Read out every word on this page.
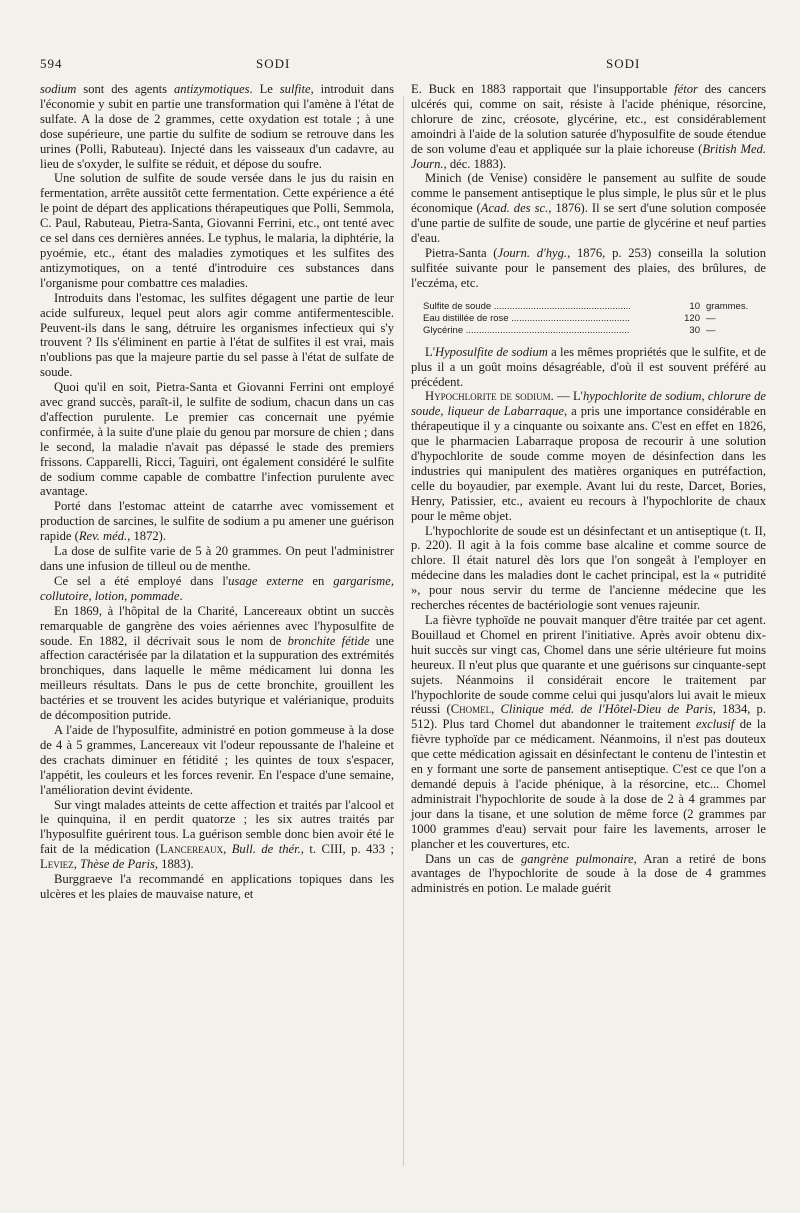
594	SODI	SODI

sodium sont des agents antizymotiques. Le sulfite, introduit dans l'économie y subit en partie une transformation qui l'amène à l'état de sulfate. A la dose de 2 grammes, cette oxydation est totale ; à une dose supérieure, une partie du sulfite de sodium se retrouve dans les urines (Polli, Rabuteau). Injecté dans les vaisseaux d'un cadavre, au lieu de s'oxyder, le sulfite se réduit, et dépose du soufre.

Une solution de sulfite de soude versée dans le jus du raisin en fermentation, arrête aussitôt cette fermentation. Cette expérience a été le point de départ des applications thérapeutiques que Polli, Semmola, C. Paul, Rabuteau, Pietra-Santa, Giovanni Ferrini, etc., ont tenté avec ce sel dans ces dernières années. Le typhus, le malaria, la diphtérie, la pyoémie, etc., étant des maladies zymotiques et les sulfites des antizymotiques, on a tenté d'introduire ces substances dans l'organisme pour combattre ces maladies.

Introduits dans l'estomac, les sulfites dégagent une partie de leur acide sulfureux, lequel peut alors agir comme antifermentescible. Peuvent-ils dans le sang, détruire les organismes infectieux qui s'y trouvent ? Ils s'éliminent en partie à l'état de sulfites il est vrai, mais n'oublions pas que la majeure partie du sel passe à l'état de sulfate de soude.

Quoi qu'il en soit, Pietra-Santa et Giovanni Ferrini ont employé avec grand succès, paraît-il, le sulfite de sodium, chacun dans un cas d'affection purulente. Le premier cas concernait une pyémie confirmée, à la suite d'une plaie du genou par morsure de chien ; dans le second, la maladie n'avait pas dépassé le stade des premiers frissons. Capparelli, Ricci, Taguiri, ont également considéré le sulfite de sodium comme capable de combattre l'infection purulente avec avantage.

Porté dans l'estomac atteint de catarrhe avec vomissement et production de sarcines, le sulfite de sodium a pu amener une guérison rapide (Rev. méd., 1872).

La dose de sulfite varie de 5 à 20 grammes. On peut l'administrer dans une infusion de tilleul ou de menthe.

Ce sel a été employé dans l'usage externe en gargarisme, collutoire, lotion, pommade.

En 1869, à l'hôpital de la Charité, Lancereaux obtint un succès remarquable de gangrène des voies aériennes avec l'hyposulfite de soude. En 1882, il décrivait sous le nom de bronchite fétide une affection caractérisée par la dilatation et la suppuration des extrémités bronchiques, dans laquelle le même médicament lui donna les meilleurs résultats. Dans le pus de cette bronchite, grouillent les bactéries et se trouvent les acides butyrique et valérianique, produits de décomposition putride.

A l'aide de l'hyposulfite, administré en potion gommeuse à la dose de 4 à 5 grammes, Lancereaux vit l'odeur repoussante de l'haleine et des crachats diminuer en fétidité ; les quintes de toux s'espacer, l'appétit, les couleurs et les forces revenir. En l'espace d'une semaine, l'amélioration devint évidente.

Sur vingt malades atteints de cette affection et traités par l'alcool et le quinquina, il en perdit quatorze ; les six autres traités par l'hyposulfite guérirent tous. La guérison semble donc bien avoir été le fait de la médication (Lancereaux, Bull. de thér., t. CIII, p. 433 ; Leviez, Thèse de Paris, 1883).

Burggraeve l'a recommandé en applications topiques dans les ulcères et les plaies de mauvaise nature, et

E. Buck en 1883 rapportait que l'insupportable fétor des cancers ulcérés qui, comme on sait, résiste à l'acide phénique, résorcine, chlorure de zinc, créosote, glycérine, etc., est considérablement amoindri à l'aide de la solution saturée d'hyposulfite de soude étendue de son volume d'eau et appliquée sur la plaie ichoreuse (British Med. Journ., déc. 1883).

Minich (de Venise) considère le pansement au sulfite de soude comme le pansement antiseptique le plus simple, le plus sûr et le plus économique (Acad. des sc., 1876). Il se sert d'une solution composée d'une partie de sulfite de soude, une partie de glycérine et neuf parties d'eau.

Pietra-Santa (Journ. d'hyg., 1876, p. 253) conseilla la solution sulfitée suivante pour le pansement des plaies, des brûlures, de l'eczéma, etc.

Sulfite de soude .....	10 grammes.
Eau distillée de rose .....	120 —
Glycérine .....	30 —

L'Hyposulfite de sodium a les mêmes propriétés que le sulfite, et de plus il a un goût moins désagréable, d'où il est souvent préféré au précédent.

Hypochlorite de sodium. — L'hypochlorite de sodium, chlorure de soude, liqueur de Labarraque, a pris une importance considérable en thérapeutique il y a cinquante ou soixante ans. C'est en effet en 1826, que le pharmacien Labarraque proposa de recourir à une solution d'hypochlorite de soude comme moyen de désinfection dans les industries qui manipulent des matières organiques en putréfaction, celle du boyaudier, par exemple. Avant lui du reste, Darcet, Bories, Henry, Patissier, etc., avaient eu recours à l'hypochlorite de chaux pour le même objet.

L'hypochlorite de soude est un désinfectant et un antiseptique (t. II, p. 220). Il agit à la fois comme base alcaline et comme source de chlore. Il était naturel dès lors que l'on songeât à l'employer en médecine dans les maladies dont le cachet principal, est la « putridité », pour nous servir du terme de l'ancienne médecine que les recherches récentes de bactériologie sont venues rajeunir.

La fièvre typhoïde ne pouvait manquer d'être traitée par cet agent. Bouillaud et Chomel en prirent l'initiative. Après avoir obtenu dix-huit succès sur vingt cas, Chomel dans une série ultérieure fut moins heureux. Il n'eut plus que quarante et une guérisons sur cinquante-sept sujets. Néanmoins il considérait encore le traitement par l'hypochlorite de soude comme celui qui jusqu'alors lui avait le mieux réussi (Chomel, Clinique méd. de l'Hôtel-Dieu de Paris, 1834, p. 512). Plus tard Chomel dut abandonner le traitement exclusif de la fièvre typhoïde par ce médicament. Néanmoins, il n'est pas douteux que cette médication agissait en désinfectant le contenu de l'intestin et en y formant une sorte de pansement antiseptique. C'est ce que l'on a demandé depuis à l'acide phénique, à la résorcine, etc... Chomel administrait l'hypochlorite de soude à la dose de 2 à 4 grammes par jour dans la tisane, et une solution de même force (2 grammes par 1000 grammes d'eau) servait pour faire les lavements, arroser le plancher et les couvertures, etc.

Dans un cas de gangrène pulmonaire, Aran a retiré de bons avantages de l'hypochlorite de soude à la dose de 4 grammes administrés en potion. Le malade guérit
